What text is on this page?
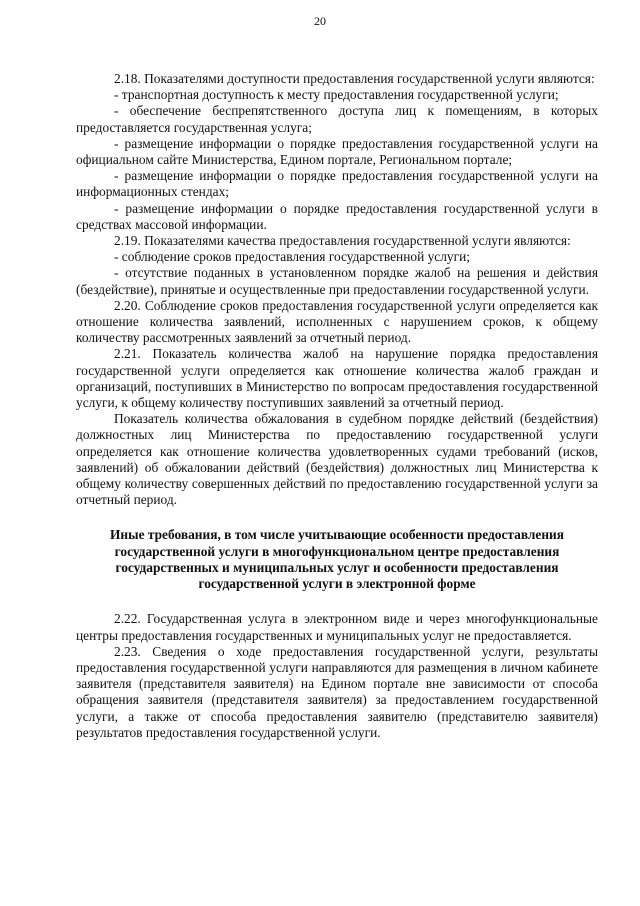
20

2.18. Показателями доступности предоставления государственной услуги являются:

- транспортная доступность к месту предоставления государственной услуги;

- обеспечение беспрепятственного доступа лиц к помещениям, в которых предоставляется государственная услуга;

- размещение информации о порядке предоставления государственной услуги на официальном сайте Министерства, Едином портале, Региональном портале;

- размещение информации о порядке предоставления государственной услуги на информационных стендах;

- размещение информации о порядке предоставления государственной услуги в средствах массовой информации.

2.19. Показателями качества предоставления государственной услуги являются:

- соблюдение сроков предоставления государственной услуги;

- отсутствие поданных в установленном порядке жалоб на решения и действия (бездействие), принятые и осуществленные при предоставлении государственной услуги.

2.20. Соблюдение сроков предоставления государственной услуги определяется как отношение количества заявлений, исполненных с нарушением сроков, к общему количеству рассмотренных заявлений за отчетный период.

2.21. Показатель количества жалоб на нарушение порядка предоставления государственной услуги определяется как отношение количества жалоб граждан и организаций, поступивших в Министерство по вопросам предоставления государственной услуги, к общему количеству поступивших заявлений за отчетный период.

Показатель количества обжалования в судебном порядке действий (бездействия) должностных лиц Министерства по предоставлению государственной услуги определяется как отношение количества удовлетворенных судами требований (исков, заявлений) об обжаловании действий (бездействия) должностных лиц Министерства к общему количеству совершенных действий по предоставлению государственной услуги за отчетный период.

Иные требования, в том числе учитывающие особенности предоставления государственной услуги в многофункциональном центре предоставления государственных и муниципальных услуг и особенности предоставления государственной услуги в электронной форме

2.22. Государственная услуга в электронном виде и через многофункциональные центры предоставления государственных и муниципальных услуг не предоставляется.

2.23. Сведения о ходе предоставления государственной услуги, результаты предоставления государственной услуги направляются для размещения в личном кабинете заявителя (представителя заявителя) на Едином портале вне зависимости от способа обращения заявителя (представителя заявителя) за предоставлением государственной услуги, а также от способа предоставления заявителю (представителю заявителя) результатов предоставления государственной услуги.
